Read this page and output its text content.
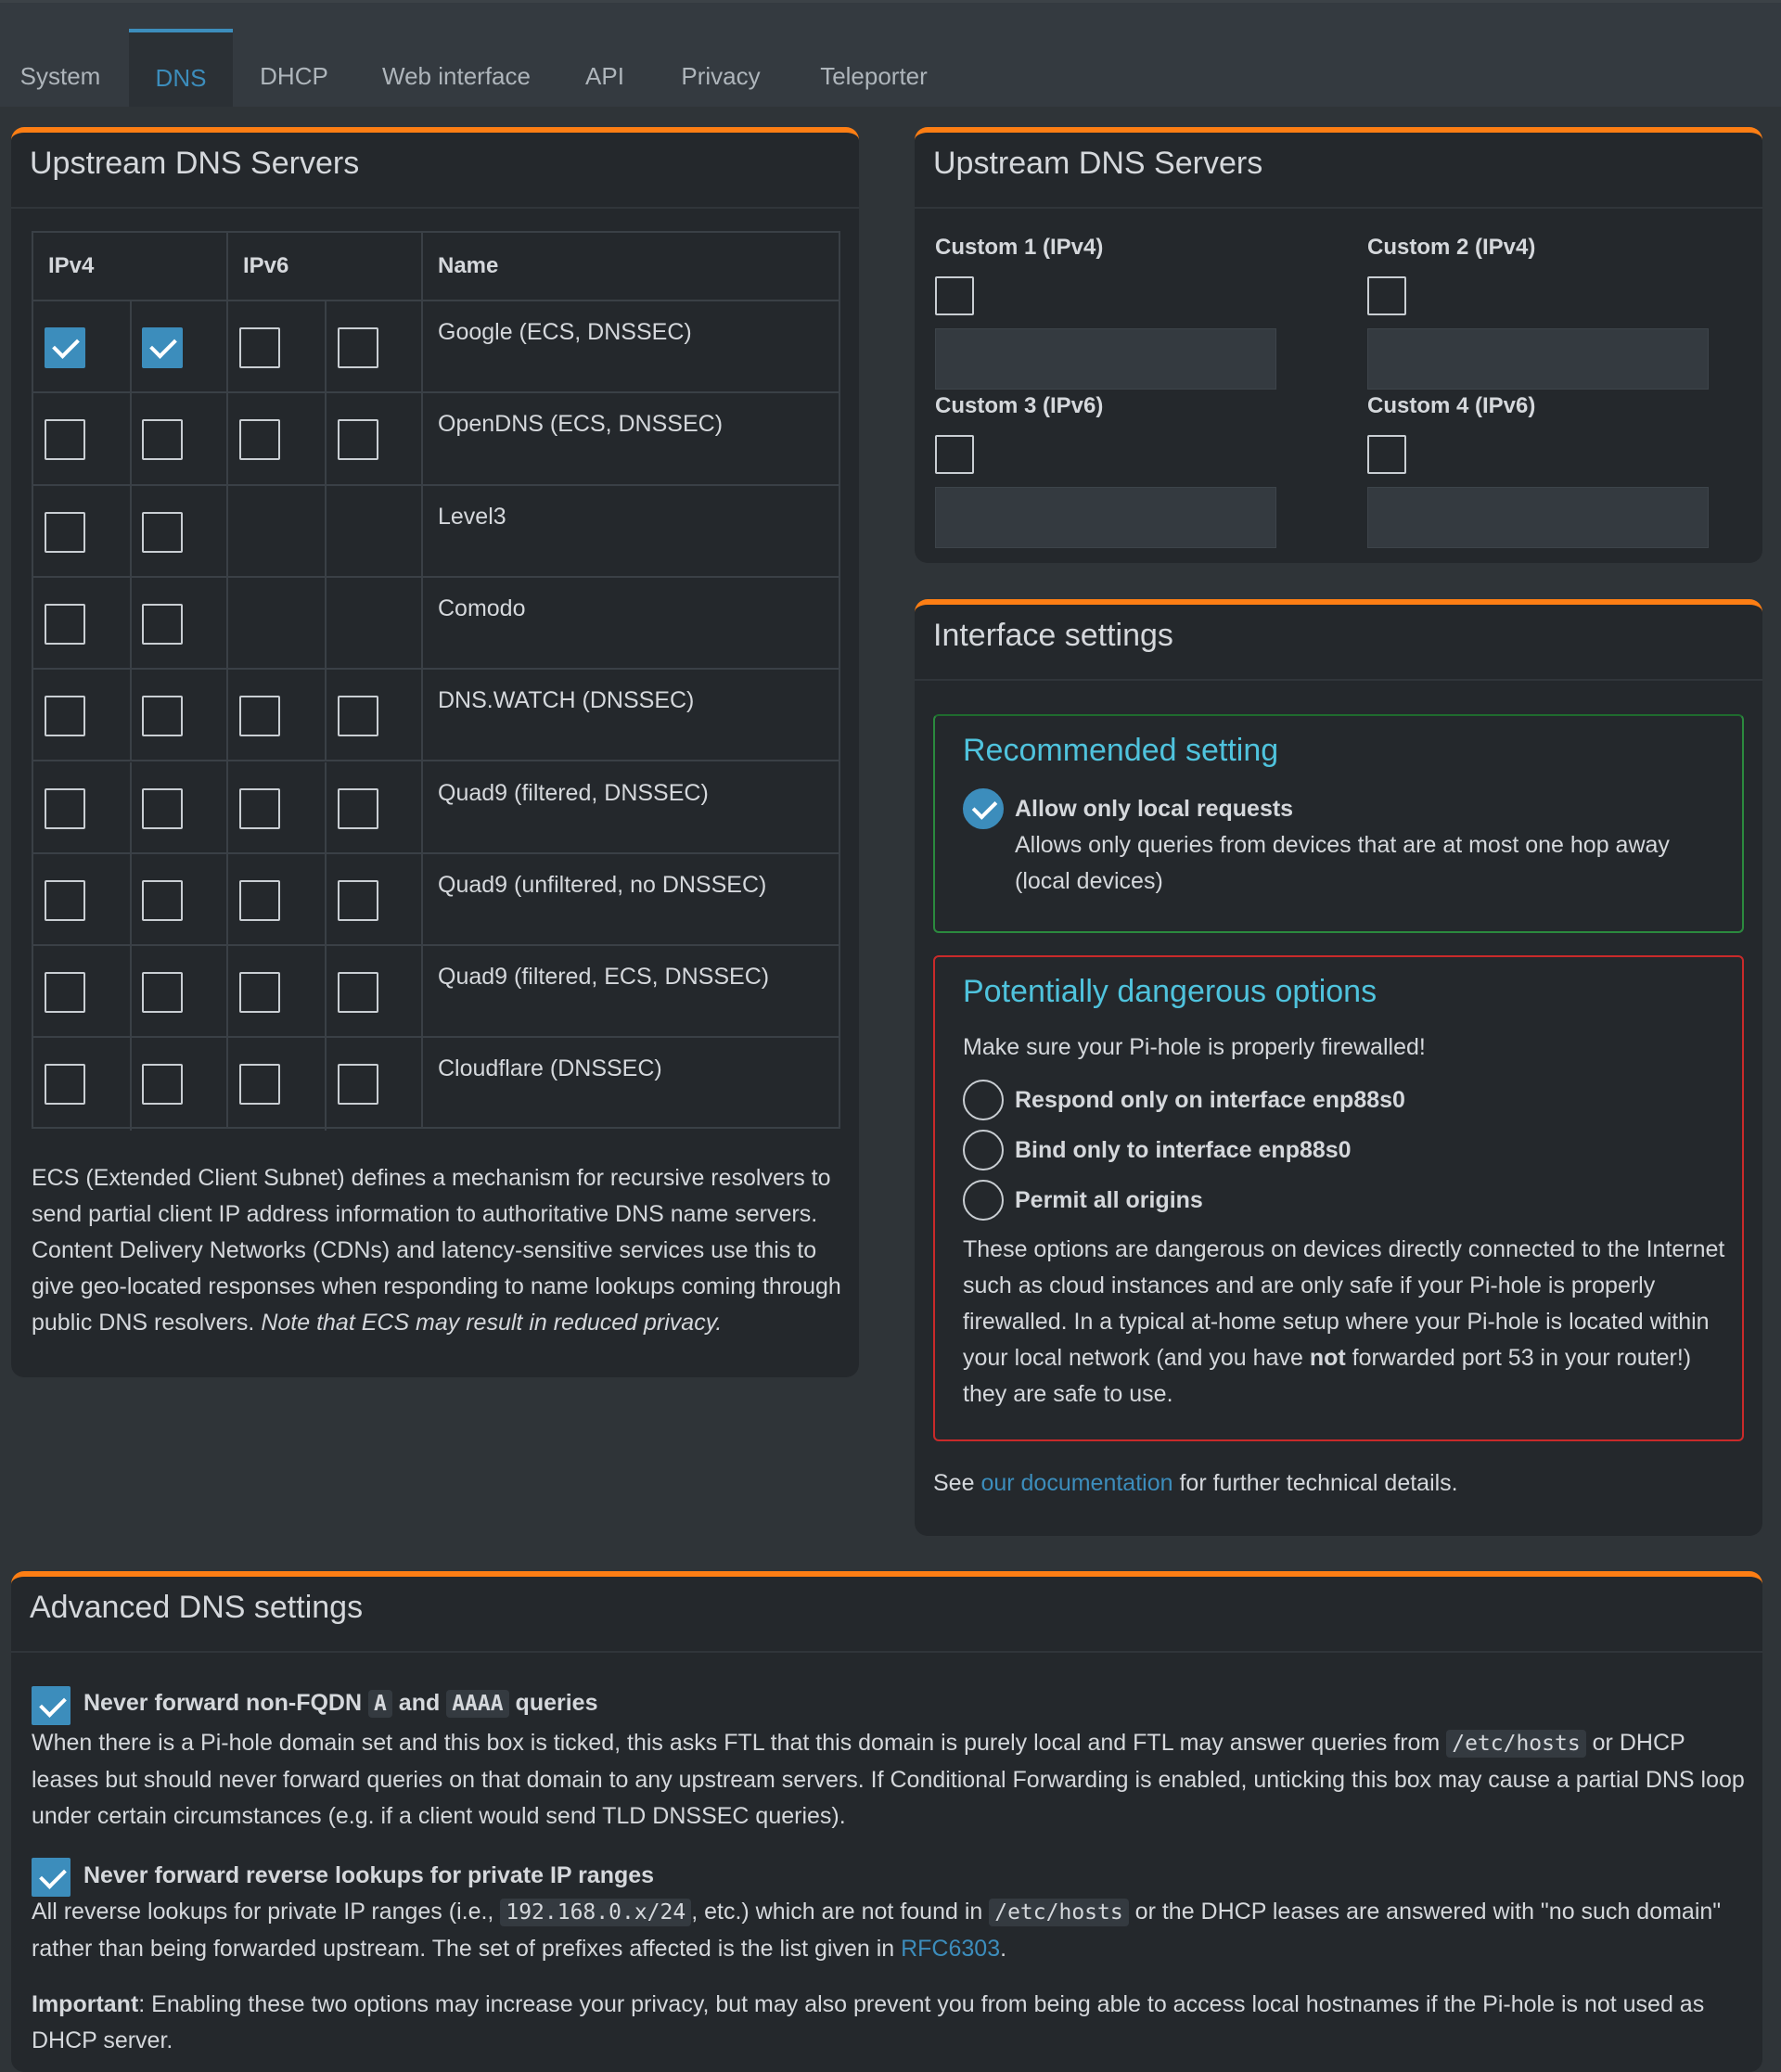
System	DNS	DHCP	Web interface	API	Privacy	Teleporter
Upstream DNS Servers
IPv4	IPv6	Name
Google (ECS, DNSSEC)
OpenDNS (ECS, DNSSEC)
Level3
Comodo
DNS.WATCH (DNSSEC)
Quad9 (filtered, DNSSEC)
Quad9 (unfiltered, no DNSSEC)
Quad9 (filtered, ECS, DNSSEC)
Cloudflare (DNSSEC)
ECS (Extended Client Subnet) defines a mechanism for recursive resolvers to send partial client IP address information to authoritative DNS name servers. Content Delivery Networks (CDNs) and latency-sensitive services use this to give geo-located responses when responding to name lookups coming through public DNS resolvers. Note that ECS may result in reduced privacy.
Upstream DNS Servers
Custom 1 (IPv4)	Custom 2 (IPv4)
Custom 3 (IPv6)	Custom 4 (IPv6)
Interface settings
Recommended setting
Allow only local requests
Allows only queries from devices that are at most one hop away (local devices)
Potentially dangerous options
Make sure your Pi-hole is properly firewalled!
Respond only on interface enp88s0
Bind only to interface enp88s0
Permit all origins
These options are dangerous on devices directly connected to the Internet such as cloud instances and are only safe if your Pi-hole is properly firewalled. In a typical at-home setup where your Pi-hole is located within your local network (and you have not forwarded port 53 in your router!) they are safe to use.
See our documentation for further technical details.
Advanced DNS settings
Never forward non-FQDN A and AAAA queries
When there is a Pi-hole domain set and this box is ticked, this asks FTL that this domain is purely local and FTL may answer queries from /etc/hosts or DHCP leases but should never forward queries on that domain to any upstream servers. If Conditional Forwarding is enabled, unticking this box may cause a partial DNS loop under certain circumstances (e.g. if a client would send TLD DNSSEC queries).
Never forward reverse lookups for private IP ranges
All reverse lookups for private IP ranges (i.e., 192.168.0.x/24 , etc.) which are not found in /etc/hosts or the DHCP leases are answered with "no such domain" rather than being forwarded upstream. The set of prefixes affected is the list given in RFC6303.
Important: Enabling these two options may increase your privacy, but may also prevent you from being able to access local hostnames if the Pi-hole is not used as DHCP server.
